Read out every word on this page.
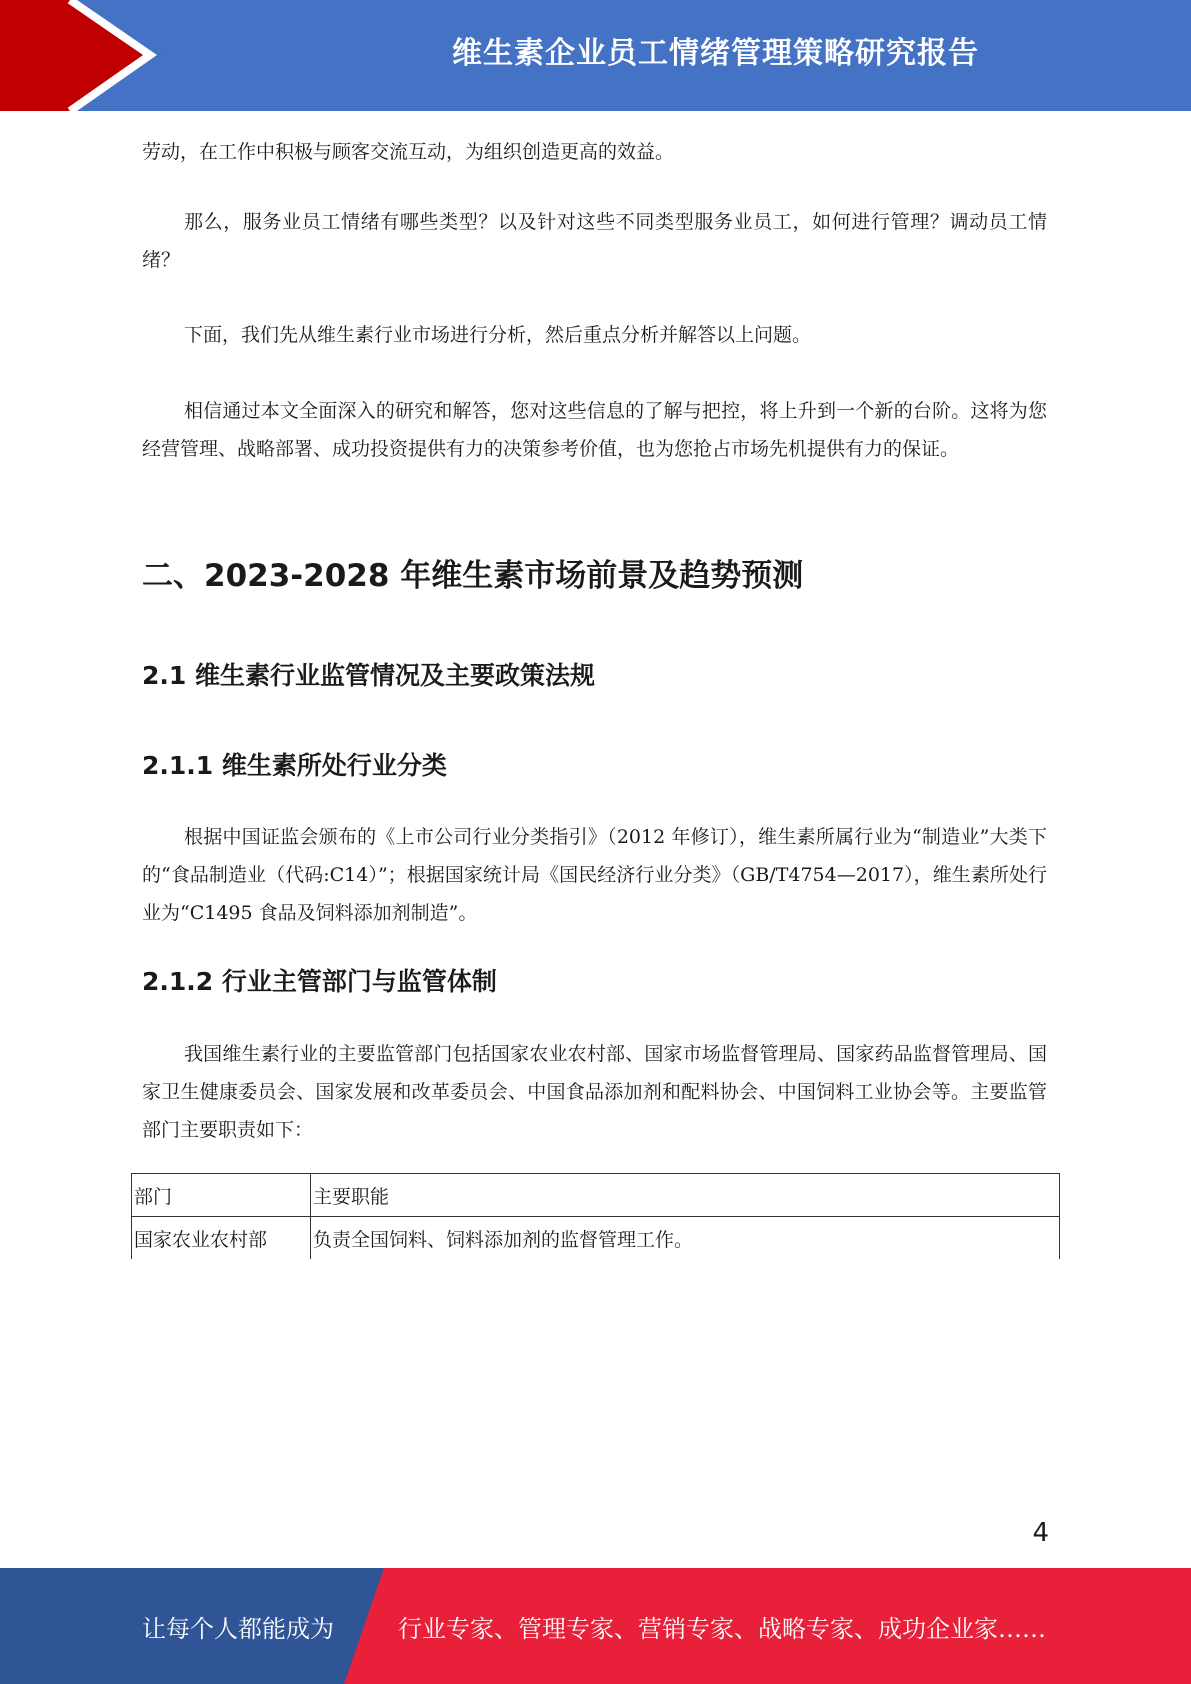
维生素企业员工情绪管理策略研究报告

劳动，在工作中积极与顾客交流互动，为组织创造更高的效益。

那么，服务业员工情绪有哪些类型？以及针对这些不同类型服务业员工，如何进行管理？调动员工情绪？

下面，我们先从维生素行业市场进行分析，然后重点分析并解答以上问题。

相信通过本文全面深入的研究和解答，您对这些信息的了解与把控，将上升到一个新的台阶。这将为您经营管理、战略部署、成功投资提供有力的决策参考价值，也为您抢占市场先机提供有力的保证。

二、2023-2028 年维生素市场前景及趋势预测
2.1 维生素行业监管情况及主要政策法规
2.1.1 维生素所处行业分类

根据中国证监会颁布的《上市公司行业分类指引》（2012 年修订），维生素所属行业为“制造业”大类下的“食品制造业（代码:C14）”；根据国家统计局《国民经济行业分类》（GB/T4754—2017），维生素所处行业为“C1495 食品及饲料添加剂制造”。

2.1.2 行业主管部门与监管体制

我国维生素行业的主要监管部门包括国家农业农村部、国家市场监督管理局、国家药品监督管理局、国家卫生健康委员会、国家发展和改革委员会、中国食品添加剂和配料协会、中国饲料工业协会等。主要监管部门主要职责如下：

部门	主要职能
国家农业农村部	负责全国饲料、饲料添加剂的监督管理工作。
4
让每个人都能成为	行业专家、管理专家、营销专家、战略专家、成功企业家……
